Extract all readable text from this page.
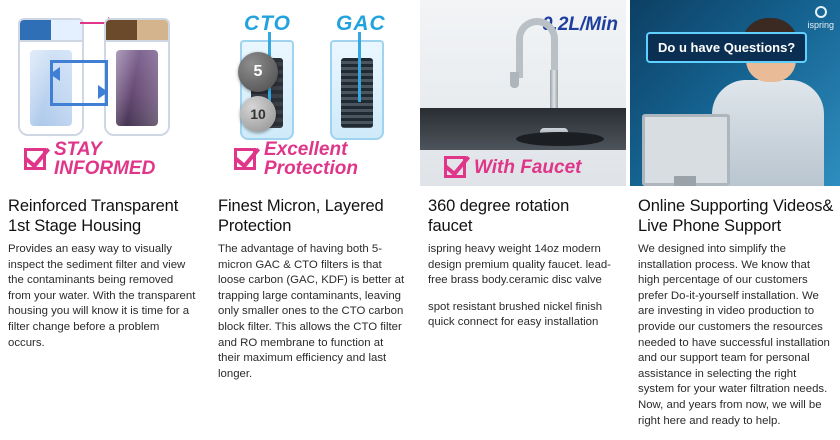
STAY INFORMED
Reinforced Transparent 1st Stage Housing

Provides an easy way to visually inspect the sediment filter and view the contaminants being removed from your water. With the transparent housing you will know it is time for a filter change before a problem occurs.

CTO GAC
5
10
Excellent Protection
Finest Micron, Layered Protection

The advantage of having both 5-micron GAC & CTO filters is that loose carbon (GAC, KDF) is better at trapping large contaminants, leaving only smaller ones to the CTO carbon block filter. This allows the CTO filter and RO membrane to function at their maximum efficiency and last longer.

0.2L/Min
With Faucet
360 degree rotation faucet

ispring heavy weight 14oz modern design premium quality faucet. lead-free brass body.ceramic disc valve

spot resistant brushed nickel finish quick connect for easy installation

ispring
Do u have Questions?
Online Supporting Videos& Live Phone Support

We designed into simplify the installation process. We know that high percentage of our customers prefer Do-it-yourself installation. We are investing in video production to provide our customers the resources needed to have successful installation and our support team for personal assistance in selecting the right system for your water filtration needs. Now, and years from now, we will be right here and ready to help.
